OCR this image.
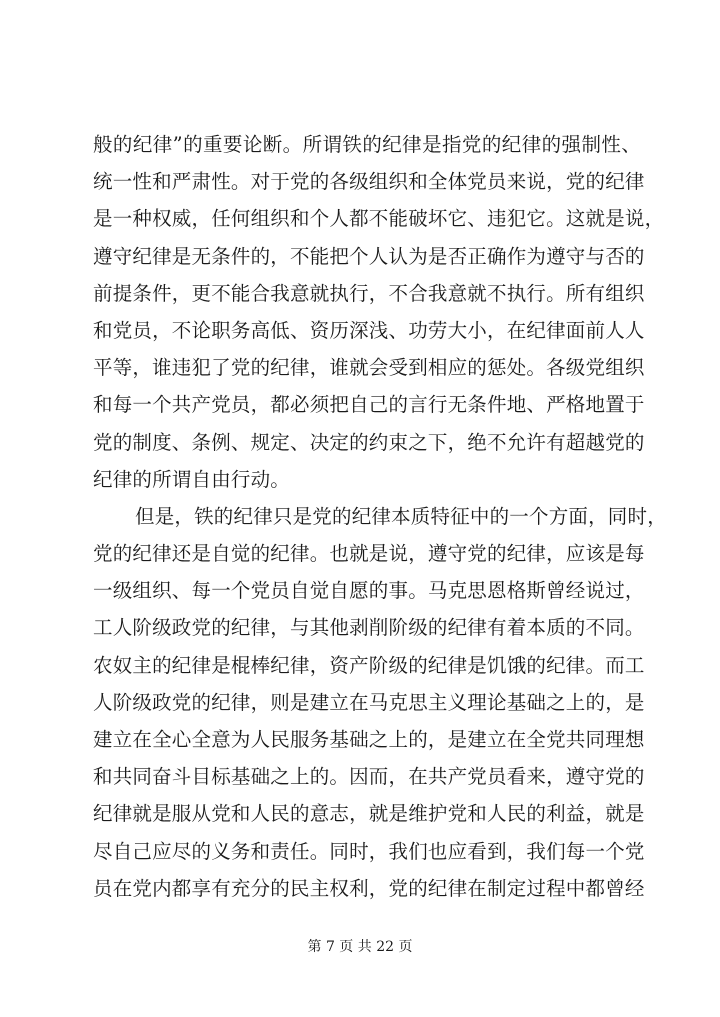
般的纪律”的重要论断。所谓铁的纪律是指党的纪律的强制性、
统一性和严肃性。对于党的各级组织和全体党员来说，党的纪律
是一种权威，任何组织和个人都不能破坏它、违犯它。这就是说，
遵守纪律是无条件的，不能把个人认为是否正确作为遵守与否的
前提条件，更不能合我意就执行，不合我意就不执行。所有组织
和党员，不论职务高低、资历深浅、功劳大小，在纪律面前人人
平等，谁违犯了党的纪律，谁就会受到相应的惩处。各级党组织
和每一个共产党员，都必须把自己的言行无条件地、严格地置于
党的制度、条例、规定、决定的约束之下，绝不允许有超越党的
纪律的所谓自由行动。
但是，铁的纪律只是党的纪律本质特征中的一个方面，同时，
党的纪律还是自觉的纪律。也就是说，遵守党的纪律，应该是每
一级组织、每一个党员自觉自愿的事。马克思恩格斯曾经说过，
工人阶级政党的纪律，与其他剥削阶级的纪律有着本质的不同。
农奴主的纪律是棍棒纪律，资产阶级的纪律是饥饿的纪律。而工
人阶级政党的纪律，则是建立在马克思主义理论基础之上的，是
建立在全心全意为人民服务基础之上的，是建立在全党共同理想
和共同奋斗目标基础之上的。因而，在共产党员看来，遵守党的
纪律就是服从党和人民的意志，就是维护党和人民的利益，就是
尽自己应尽的义务和责任。同时，我们也应看到，我们每一个党
员在党内都享有充分的民主权利，党的纪律在制定过程中都曾经
第 7 页 共 22 页
